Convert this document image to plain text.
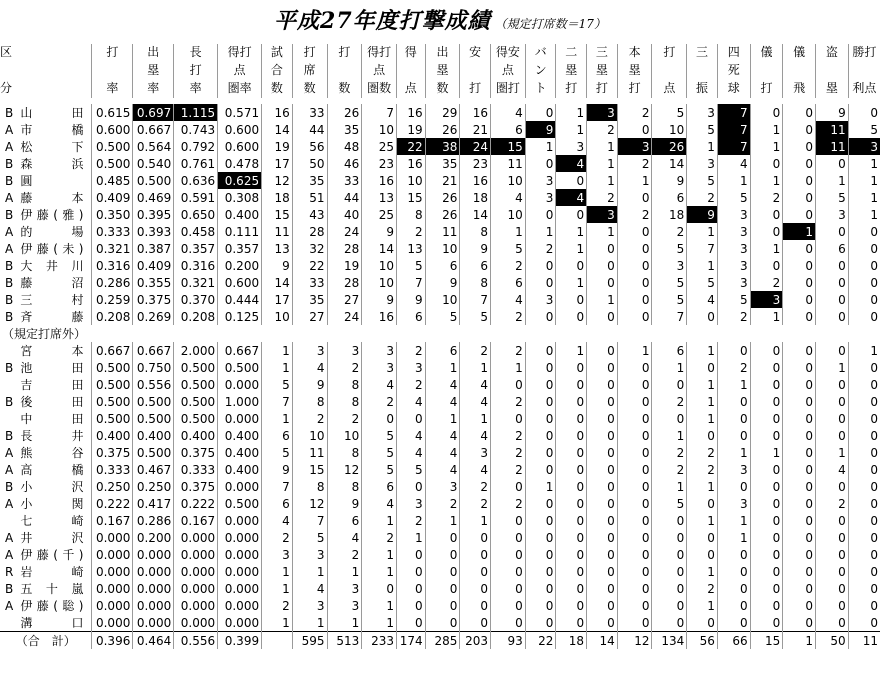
平成27年度打撃成績 （規定打席数＝17）
区		打	出	長	得打	試	打	打	得打	得	出	安	得安	バ	二	三	本	打	三	四	儀	儀	盗	勝打
			塁	打	点	合	席		点		塁		点	ン	塁	塁	塁			死				
分		率	率	率	圏率	数	数	数	圏数	点	数	打	圏打	ト	打	打	打	点	振	球	打	飛	塁	利点

B	山田	0.615	0.697	1.115	0.571	16	33	26	7	16	29	16	4	0	1	3	2	5	3	7	0	0	9	0
A	市橋	0.600	0.667	0.743	0.600	14	44	35	10	19	26	21	6	9	1	2	0	10	5	7	1	0	11	5
A	松下	0.500	0.564	0.792	0.600	19	56	48	25	22	38	24	15	1	3	1	3	26	1	7	1	0	11	3
B	森浜	0.500	0.540	0.761	0.478	17	50	46	23	16	35	23	11	0	4	1	2	14	3	4	0	0	0	1
B	圓	0.485	0.500	0.636	0.625	12	35	33	16	10	21	16	10	3	0	1	1	9	5	1	1	0	1	1
A	藤本	0.409	0.469	0.591	0.308	18	51	44	13	15	26	18	4	3	4	2	0	6	2	5	2	0	5	1
B	伊藤(雅)	0.350	0.395	0.650	0.400	15	43	40	25	8	26	14	10	0	0	3	2	18	9	3	0	0	3	1
A	的場	0.333	0.393	0.458	0.111	11	28	24	9	2	11	8	1	1	1	1	0	2	1	3	0	1	0	0
A	伊藤(未)	0.321	0.387	0.357	0.357	13	32	28	14	13	10	9	5	2	1	0	0	5	7	3	1	0	6	0
B	大井川	0.316	0.409	0.316	0.200	9	22	19	10	5	6	6	2	0	0	0	0	3	1	3	0	0	0	0
B	藤沼	0.286	0.355	0.321	0.600	14	33	28	10	7	9	8	6	0	1	0	0	5	5	3	2	0	0	0
B	三村	0.259	0.375	0.370	0.444	17	35	27	9	9	10	7	4	3	0	1	0	5	4	5	3	0	0	0
B	斉藤	0.208	0.269	0.208	0.125	10	27	24	16	6	5	5	2	0	0	0	0	7	0	2	1	0	0	0
（規定打席外）																								

	宮本	0.667	0.667	2.000	0.667	1	3	3	3	2	6	2	2	0	1	0	1	6	1	0	0	0	0	1
B	池田	0.500	0.750	0.500	0.500	1	4	2	3	3	1	1	1	0	0	0	0	1	0	2	0	0	1	0

	吉田	0.500	0.556	0.500	0.000	5	9	8	4	2	4	4	0	0	0	0	0	0	1	1	0	0	0	0
B	後田	0.500	0.500	0.500	1.000	7	8	8	2	4	4	4	2	0	0	0	0	2	1	0	0	0	0	0

	中田	0.500	0.500	0.500	0.000	1	2	2	0	0	1	1	0	0	0	0	0	0	1	0	0	0	0	0
B	長井	0.400	0.400	0.400	0.400	6	10	10	5	4	4	4	2	0	0	0	0	1	0	0	0	0	0	0
A	熊谷	0.375	0.500	0.375	0.400	5	11	8	5	4	4	3	2	0	0	0	0	2	2	1	1	0	1	0
A	高橋	0.333	0.467	0.333	0.400	9	15	12	5	5	4	4	2	0	0	0	0	2	2	3	0	0	4	0
B	小沢	0.250	0.250	0.375	0.000	7	8	8	6	0	3	2	0	1	0	0	0	1	1	0	0	0	0	0
A	小関	0.222	0.417	0.222	0.500	6	12	9	4	3	2	2	2	0	0	0	0	5	0	3	0	0	2	0

	七崎	0.167	0.286	0.167	0.000	4	7	6	1	2	1	1	0	0	0	0	0	0	1	1	0	0	0	0
A	井沢	0.000	0.200	0.000	0.000	2	5	4	2	1	0	0	0	0	0	0	0	0	0	1	0	0	0	0
A	伊藤(千)	0.000	0.000	0.000	0.000	3	3	2	1	0	0	0	0	0	0	0	0	0	0	0	0	0	0	0
R	岩崎	0.000	0.000	0.000	0.000	1	1	1	1	0	0	0	0	0	0	0	0	0	1	0	0	0	0	0
B	五十嵐	0.000	0.000	0.000	0.000	1	4	3	0	0	0	0	0	0	0	0	0	0	2	0	0	0	0	0
A	伊藤(聡)	0.000	0.000	0.000	0.000	2	3	3	1	0	0	0	0	0	0	0	0	0	1	0	0	0	0	0

	溝口	0.000	0.000	0.000	0.000	1	1	1	1	0	0	0	0	0	0	0	0	0	0	0	0	0	0	0
（合　計）		0.396	0.464	0.556	0.399		595	513	233	174	285	203	93	22	18	14	12	134	56	66	15	1	50	11
